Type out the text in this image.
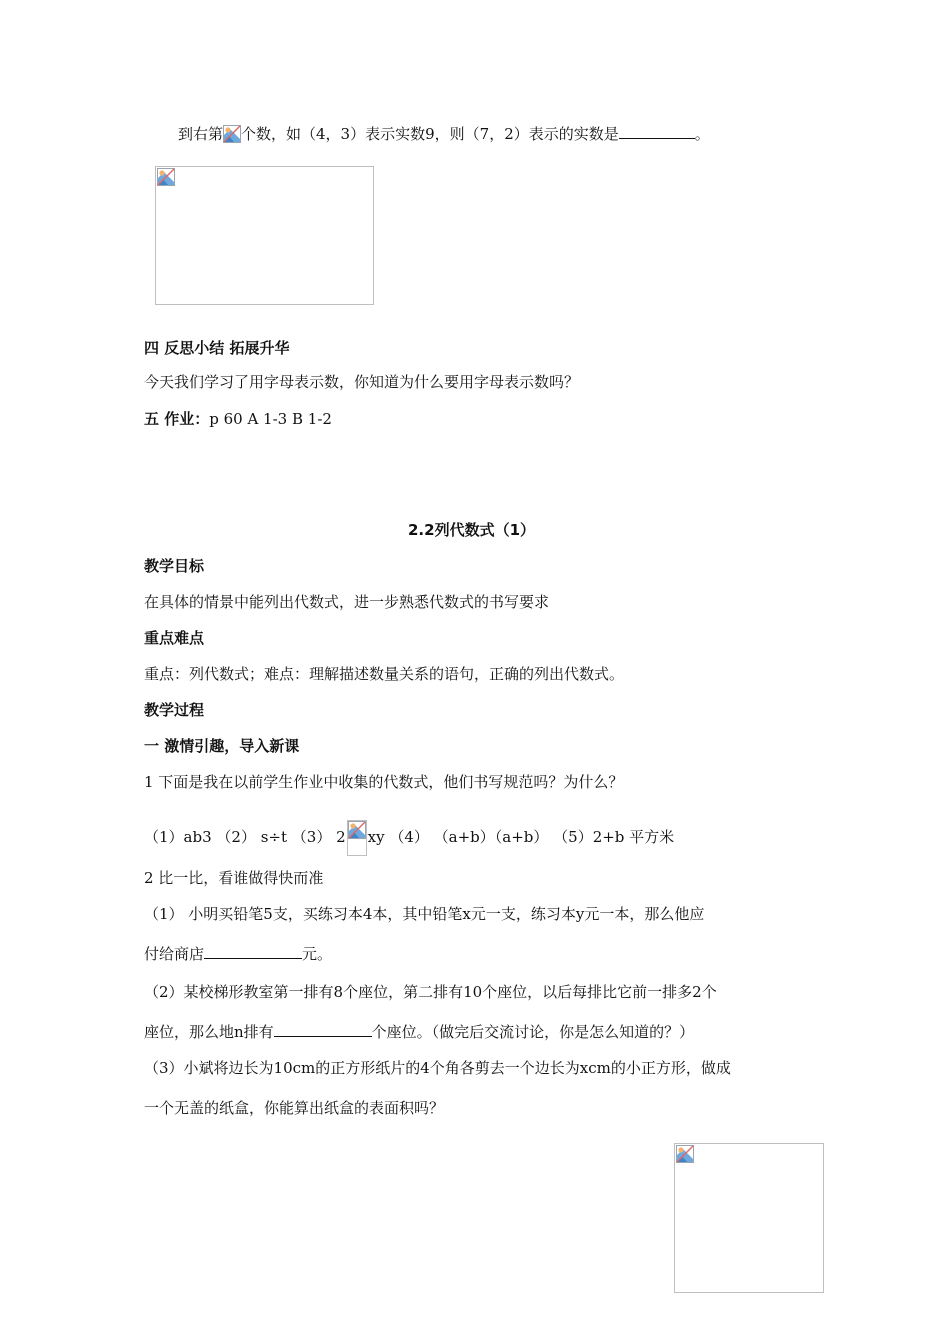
到右第 个数，如（4，3）表示实数9，则（7，2）表示的实数是	。
四 反思小结 拓展升华
今天我们学习了用字母表示数，你知道为什么要用字母表示数吗？
五 作业：p 60 A 1-3 B 1-2
2.2列代数式（1）
教学目标
在具体的情景中能列出代数式，进一步熟悉代数式的书写要求
重点难点
重点：列代数式；难点：理解描述数量关系的语句，正确的列出代数式。
教学过程
一 激情引趣，导入新课
1 下面是我在以前学生作业中收集的代数式，他们书写规范吗？为什么？
（1）ab3 （2） s÷t （3） 2 xy （4） （a+b）（a+b） （5）2+b 平方米
2 比一比，看谁做得快而准
（1） 小明买铅笔5支，买练习本4本，其中铅笔x元一支，练习本y元一本，那么他应
付给商店	元。
（2）某校梯形教室第一排有8个座位，第二排有10个座位，以后每排比它前一排多2个
座位，那么地n排有	个座位。（做完后交流讨论，你是怎么知道的？）
（3）小斌将边长为10cm的正方形纸片的4个角各剪去一个边长为xcm的小正方形，做成
一个无盖的纸盒，你能算出纸盒的表面积吗？
